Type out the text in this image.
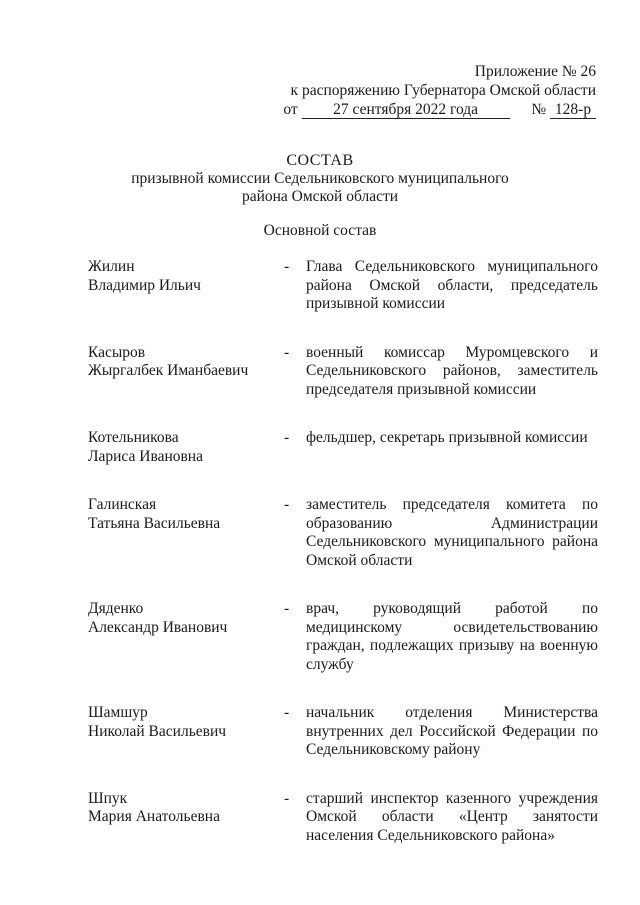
Приложение № 26
к распоряжению Губернатора Омской области
от 27 сентября 2022 года	№ 128-р
СОСТАВ
призывной комиссии Седельниковского муниципального
района Омской области
Основной состав
Жилин
Владимир Ильич
-	Глава Седельниковского муниципального района Омской области, председатель призывной комиссии
Касыров
Жыргалбек Иманбаевич
-	военный комиссар Муромцевского и Седельниковского районов, заместитель председателя призывной комиссии
Котельникова
Лариса Ивановна
-	фельдшер, секретарь призывной комиссии
Галинская
Татьяна Васильевна
-	заместитель председателя комитета по образованию Администрации Седельниковского муниципального района Омской области
Дяденко
Александр Иванович
-	врач, руководящий работой по медицинскому освидетельствованию граждан, подлежащих призыву на военную службу
Шамшур
Николай Васильевич
-	начальник отделения Министерства внутренних дел Российской Федерации по Седельниковскому району
Шпук
Мария Анатольевна
-	старший инспектор казенного учреждения Омской области «Центр занятости населения Седельниковского района»
